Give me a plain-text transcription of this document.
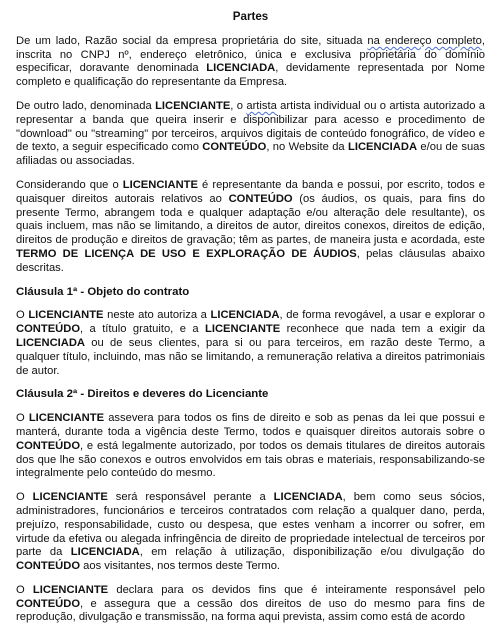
Partes

De um lado, Razão social da empresa proprietária do site, situada na endereço completo, inscrita no CNPJ nº, endereço eletrônico, única e exclusiva proprietária do domínio especificar, doravante denominada LICENCIADA, devidamente representada por Nome completo e qualificação do representante da Empresa.

De outro lado, denominada LICENCIANTE, o artista artista individual ou o artista autorizado a representar a banda que queira inserir e disponibilizar para acesso e procedimento de "download" ou "streaming" por terceiros, arquivos digitais de conteúdo fonográfico, de vídeo e de texto, a seguir especificado como CONTEÚDO, no Website da LICENCIADA e/ou de suas afiliadas ou associadas.

Considerando que o LICENCIANTE é representante da banda e possui, por escrito, todos e quaisquer direitos autorais relativos ao CONTEÚDO (os áudios, os quais, para fins do presente Termo, abrangem toda e qualquer adaptação e/ou alteração dele resultante), os quais incluem, mas não se limitando, a direitos de autor, direitos conexos, direitos de edição, direitos de produção e direitos de gravação; têm as partes, de maneira justa e acordada, este TERMO DE LICENÇA DE USO E EXPLORAÇÃO DE ÁUDIOS, pelas cláusulas abaixo descritas.

Cláusula 1ª - Objeto do contrato

O LICENCIANTE neste ato autoriza a LICENCIADA, de forma revogável, a usar e explorar o CONTEÚDO, a título gratuito, e a LICENCIANTE reconhece que nada tem a exigir da LICENCIADA ou de seus clientes, para si ou para terceiros, em razão deste Termo, a qualquer título, incluindo, mas não se limitando, a remuneração relativa a direitos patrimoniais de autor.

Cláusula 2ª - Direitos e deveres do Licenciante

O LICENCIANTE assevera para todos os fins de direito e sob as penas da lei que possui e manterá, durante toda a vigência deste Termo, todos e quaisquer direitos autorais sobre o CONTEÚDO, e está legalmente autorizado, por todos os demais titulares de direitos autorais dos que lhe são conexos e outros envolvidos em tais obras e materiais, responsabilizando-se integralmente pelo conteúdo do mesmo.

O LICENCIANTE será responsável perante a LICENCIADA, bem como seus sócios, administradores, funcionários e terceiros contratados com relação a qualquer dano, perda, prejuízo, responsabilidade, custo ou despesa, que estes venham a incorrer ou sofrer, em virtude da efetiva ou alegada infringência de direito de propriedade intelectual de terceiros por parte da LICENCIADA, em relação à utilização, disponibilização e/ou divulgação do CONTEÚDO aos visitantes, nos termos deste Termo.

O LICENCIANTE declara para os devidos fins que é inteiramente responsável pelo CONTEÚDO, e assegura que a cessão dos direitos de uso do mesmo para fins de reprodução, divulgação e transmissão, na forma aqui prevista, assim como está de acordo
